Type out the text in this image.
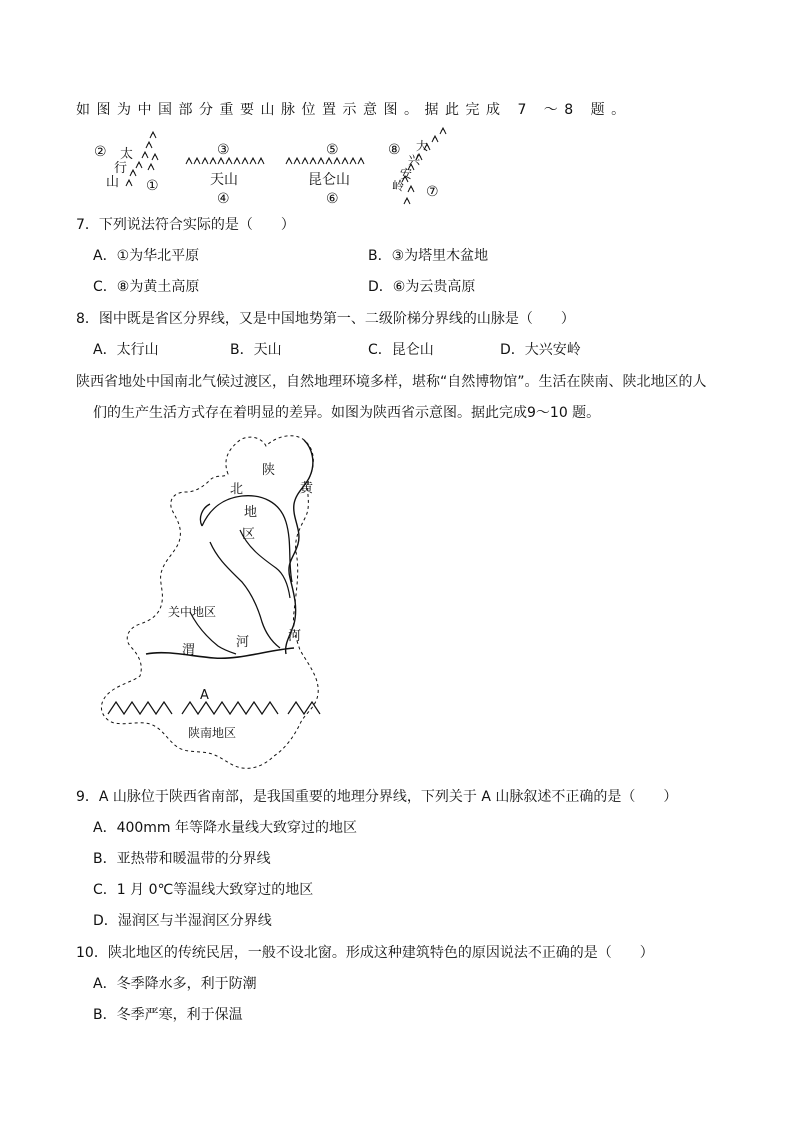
如图为中国部分重要山脉位置示意图。据此完成 7 ～8 题。
② 太
行
山 ①
③
天山
④
⑤
昆仑山
⑥
⑧ 大
兴
安
岭 ⑦
7．下列说法符合实际的是（　　）
A．①为华北平原	B．③为塔里木盆地
C．⑧为黄土高原	D．⑥为云贵高原
8．图中既是省区分界线，又是中国地势第一、二级阶梯分界线的山脉是（　　）
A．太行山	B．天山	C．昆仑山	D．大兴安岭
陕西省地处中国南北气候过渡区，自然地理环境多样，堪称“自然博物馆”。生活在陕南、陕北地区的人
们的生产生活方式存在着明显的差异。如图为陕西省示意图。据此完成9～10 题。
陕
北
地
区
黄
河
关中地区
渭
河
A
陕南地区
9．A 山脉位于陕西省南部，是我国重要的地理分界线，下列关于 A 山脉叙述不正确的是（　　）
A．400mm 年等降水量线大致穿过的地区
B．亚热带和暖温带的分界线
C．1 月 0℃等温线大致穿过的地区
D．湿润区与半湿润区分界线
10．陕北地区的传统民居，一般不设北窗。形成这种建筑特色的原因说法不正确的是（　　）
A．冬季降水多，利于防潮
B．冬季严寒，利于保温
